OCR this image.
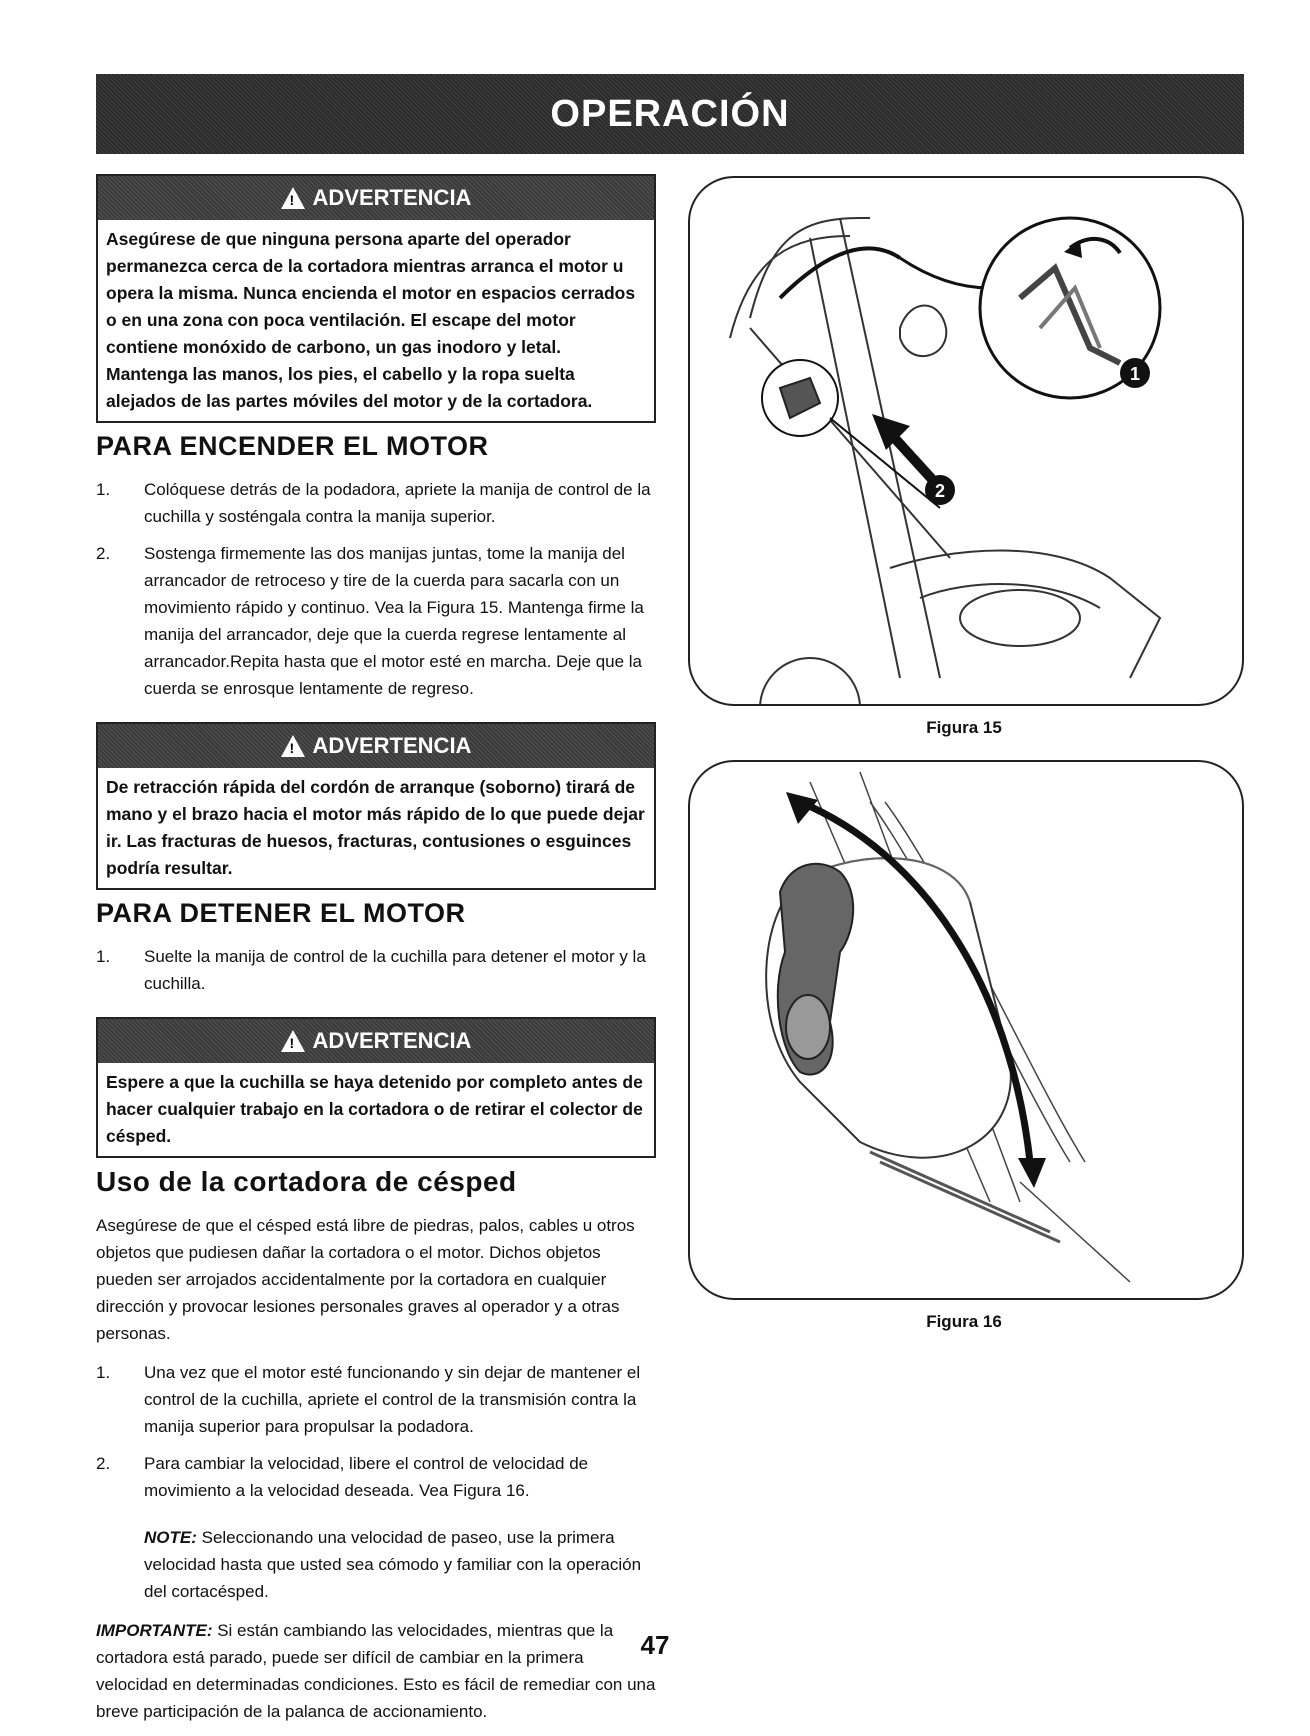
OPERACIÓN
!
ADVERTENCIA
Asegúrese de que ninguna persona aparte del operador permanezca cerca de la cortadora mientras arranca el motor u opera la misma. Nunca encienda el motor en espacios cerrados o en una zona con poca ventilación. El escape del motor contiene monóxido de carbono, un gas inodoro y letal. Mantenga las manos, los pies, el cabello y la ropa suelta alejados de las partes móviles del motor y de la cortadora.
PARA ENCENDER EL MOTOR
1.	Colóquese detrás de la podadora, apriete la manija de control de la cuchilla y sosténgala contra la manija superior.
2.	Sostenga firmemente las dos manijas juntas, tome la manija del arrancador de retroceso y tire de la cuerda para sacarla con un movimiento rápido y continuo. Vea la Figura 15. Mantenga firme la manija del arrancador, deje que la cuerda regrese lentamente al arrancador.Repita hasta que el motor esté en marcha. Deje que la cuerda se enrosque lentamente de regreso.
!
ADVERTENCIA
De retracción rápida del cordón de arranque (soborno) tirará de mano y el brazo hacia el motor más rápido de lo que puede dejar ir. Las fracturas de huesos, fracturas, contusiones o esguinces podría resultar.
PARA DETENER EL MOTOR
1.	Suelte la manija de control de la cuchilla para detener el motor y la cuchilla.
!
ADVERTENCIA
Espere a que la cuchilla se haya detenido por completo antes de hacer cualquier trabajo en la cortadora o de retirar el colector de césped.
Uso de la cortadora de césped

Asegúrese de que el césped está libre de piedras, palos, cables u otros objetos que pudiesen dañar la cortadora o el motor. Dichos objetos pueden ser arrojados accidentalmente por la cortadora en cualquier dirección y provocar lesiones personales graves al operador y a otras personas.

1.	Una vez que el motor esté funcionando y sin dejar de mantener el control de la cuchilla, apriete el control de la transmisión contra la manija superior para propulsar la podadora.
2.	Para cambiar la velocidad, libere el control de velocidad de movimiento a la velocidad deseada. Vea Figura 16.

NOTE: Seleccionando una velocidad de paseo, use la primera velocidad hasta que usted sea cómodo y familiar con la operación del cortacésped.

IMPORTANTE: Si están cambiando las velocidades, mientras que la cortadora está parado, puede ser difícil de cambiar en la primera velocidad en determinadas condiciones. Esto es fácil de remediar con una breve participación de la palanca de accionamiento.

1
2
Figura 15
Figura 16
47
